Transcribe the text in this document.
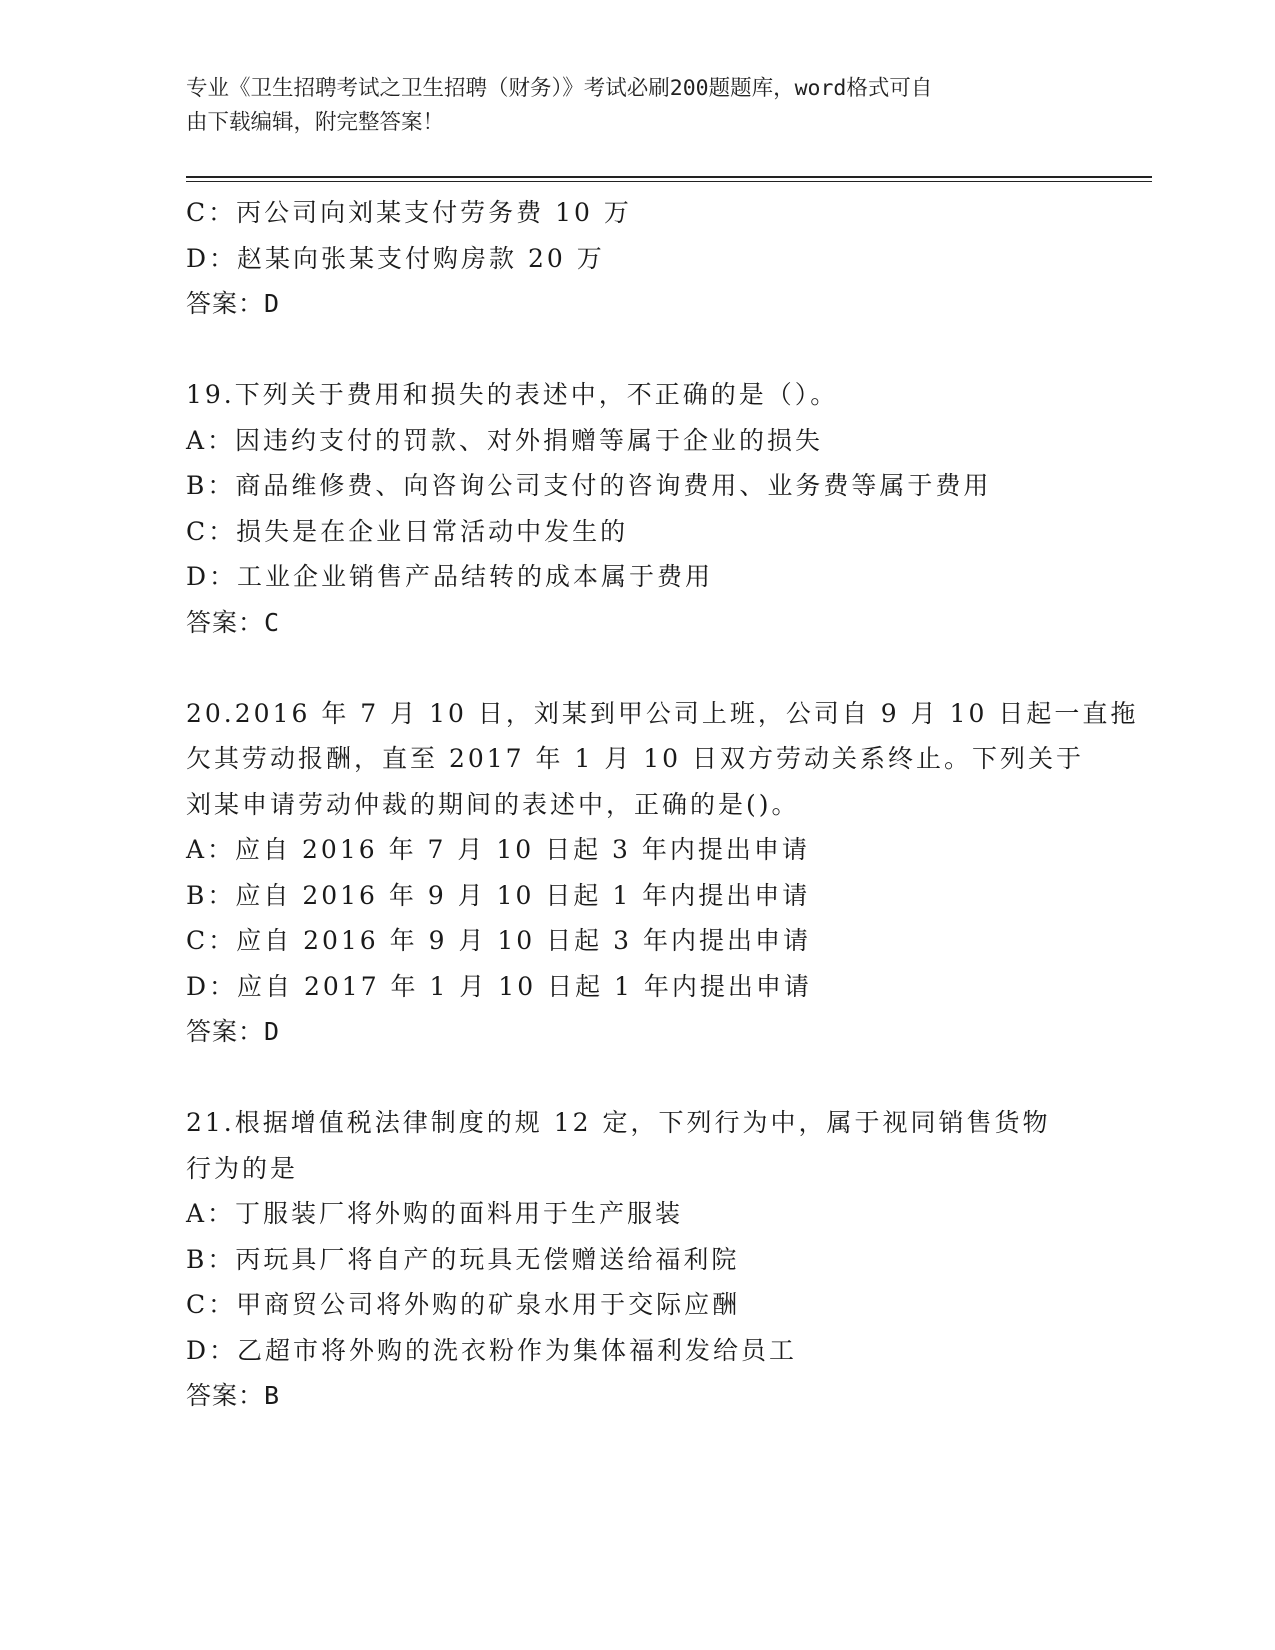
专业《卫生招聘考试之卫生招聘（财务）》考试必刷200题题库，word格式可自
由下载编辑，附完整答案！
C：丙公司向刘某支付劳务费 10 万
D：赵某向张某支付购房款 20 万
答案：D
19.下列关于费用和损失的表述中，不正确的是（）。
A：因违约支付的罚款、对外捐赠等属于企业的损失
B：商品维修费、向咨询公司支付的咨询费用、业务费等属于费用
C：损失是在企业日常活动中发生的
D：工业企业销售产品结转的成本属于费用
答案：C
20.2016 年 7 月 10 日，刘某到甲公司上班，公司自 9 月 10 日起一直拖
欠其劳动报酬，直至 2017 年 1 月 10 日双方劳动关系终止。下列关于
刘某申请劳动仲裁的期间的表述中，正确的是()。
A：应自 2016 年 7 月 10 日起 3 年内提出申请
B：应自 2016 年 9 月 10 日起 1 年内提出申请
C：应自 2016 年 9 月 10 日起 3 年内提出申请
D：应自 2017 年 1 月 10 日起 1 年内提出申请
答案：D
21.根据增值税法律制度的规 12 定，下列行为中，属于视同销售货物
行为的是
A：丁服装厂将外购的面料用于生产服装
B：丙玩具厂将自产的玩具无偿赠送给福利院
C：甲商贸公司将外购的矿泉水用于交际应酬
D：乙超市将外购的洗衣粉作为集体福利发给员工
答案：B
